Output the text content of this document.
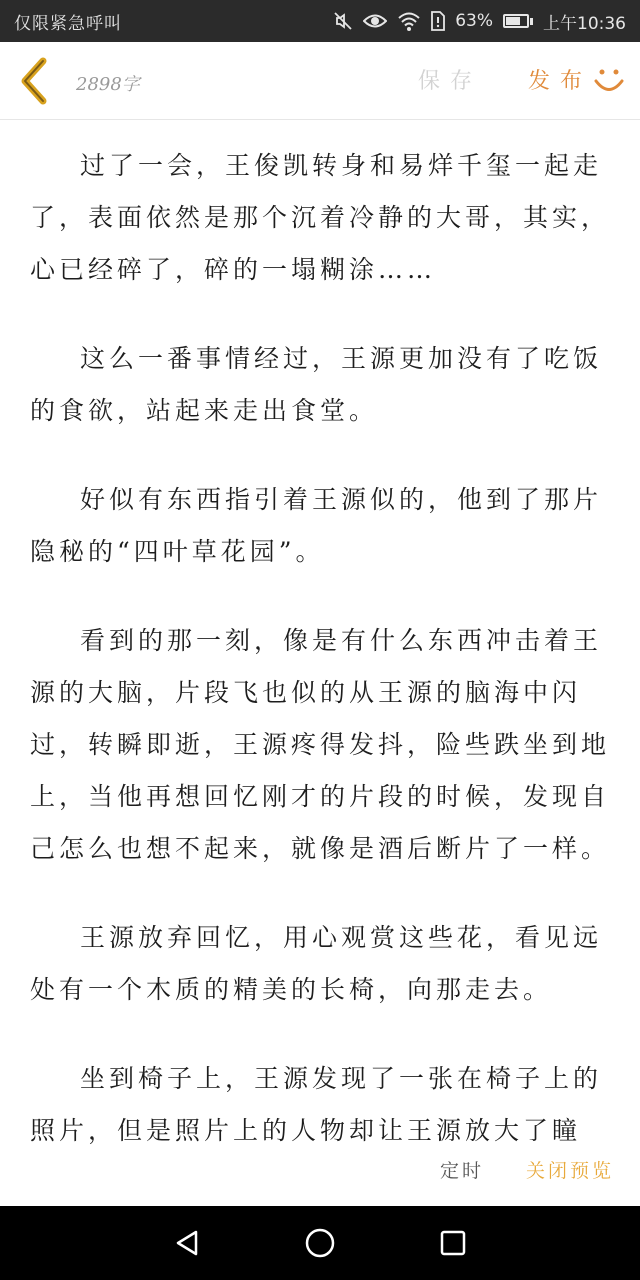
仅限紧急呼叫	63%	上午10:36
2898字	保存 发布

过了一会，王俊凯转身和易烊千玺一起走了，表面依然是那个沉着冷静的大哥，其实，心已经碎了，碎的一塌糊涂……

这么一番事情经过，王源更加没有了吃饭的食欲，站起来走出食堂。

好似有东西指引着王源似的，他到了那片隐秘的“四叶草花园”。

看到的那一刻，像是有什么东西冲击着王源的大脑，片段飞也似的从王源的脑海中闪过，转瞬即逝，王源疼得发抖，险些跌坐到地上，当他再想回忆刚才的片段的时候，发现自己怎么也想不起来，就像是酒后断片了一样。

王源放弃回忆，用心观赏这些花，看见远处有一个木质的精美的长椅，向那走去。

坐到椅子上，王源发现了一张在椅子上的照片，但是照片上的人物却让王源放大了瞳

定时 关闭预览
